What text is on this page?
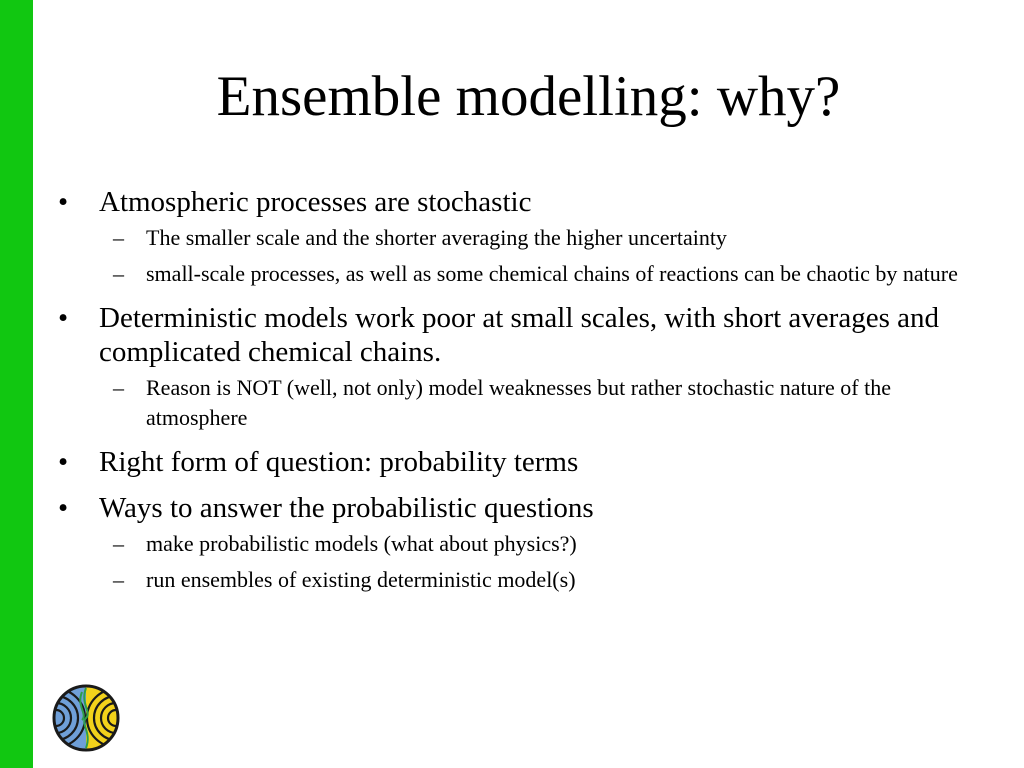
Ensemble modelling: why?
•	Atmospheric processes are stochastic
–	The smaller scale and the shorter averaging the higher uncertainty
–	small-scale processes, as well as some chemical chains of reactions can be chaotic by nature
•	Deterministic models work poor at small scales, with short averages and complicated chemical chains.
–	Reason is NOT (well, not only) model weaknesses but rather stochastic nature of the atmosphere
•	Right form of question: probability terms
•	Ways to answer the probabilistic questions
–	make probabilistic models (what about physics?)
–	run ensembles of existing deterministic model(s)
